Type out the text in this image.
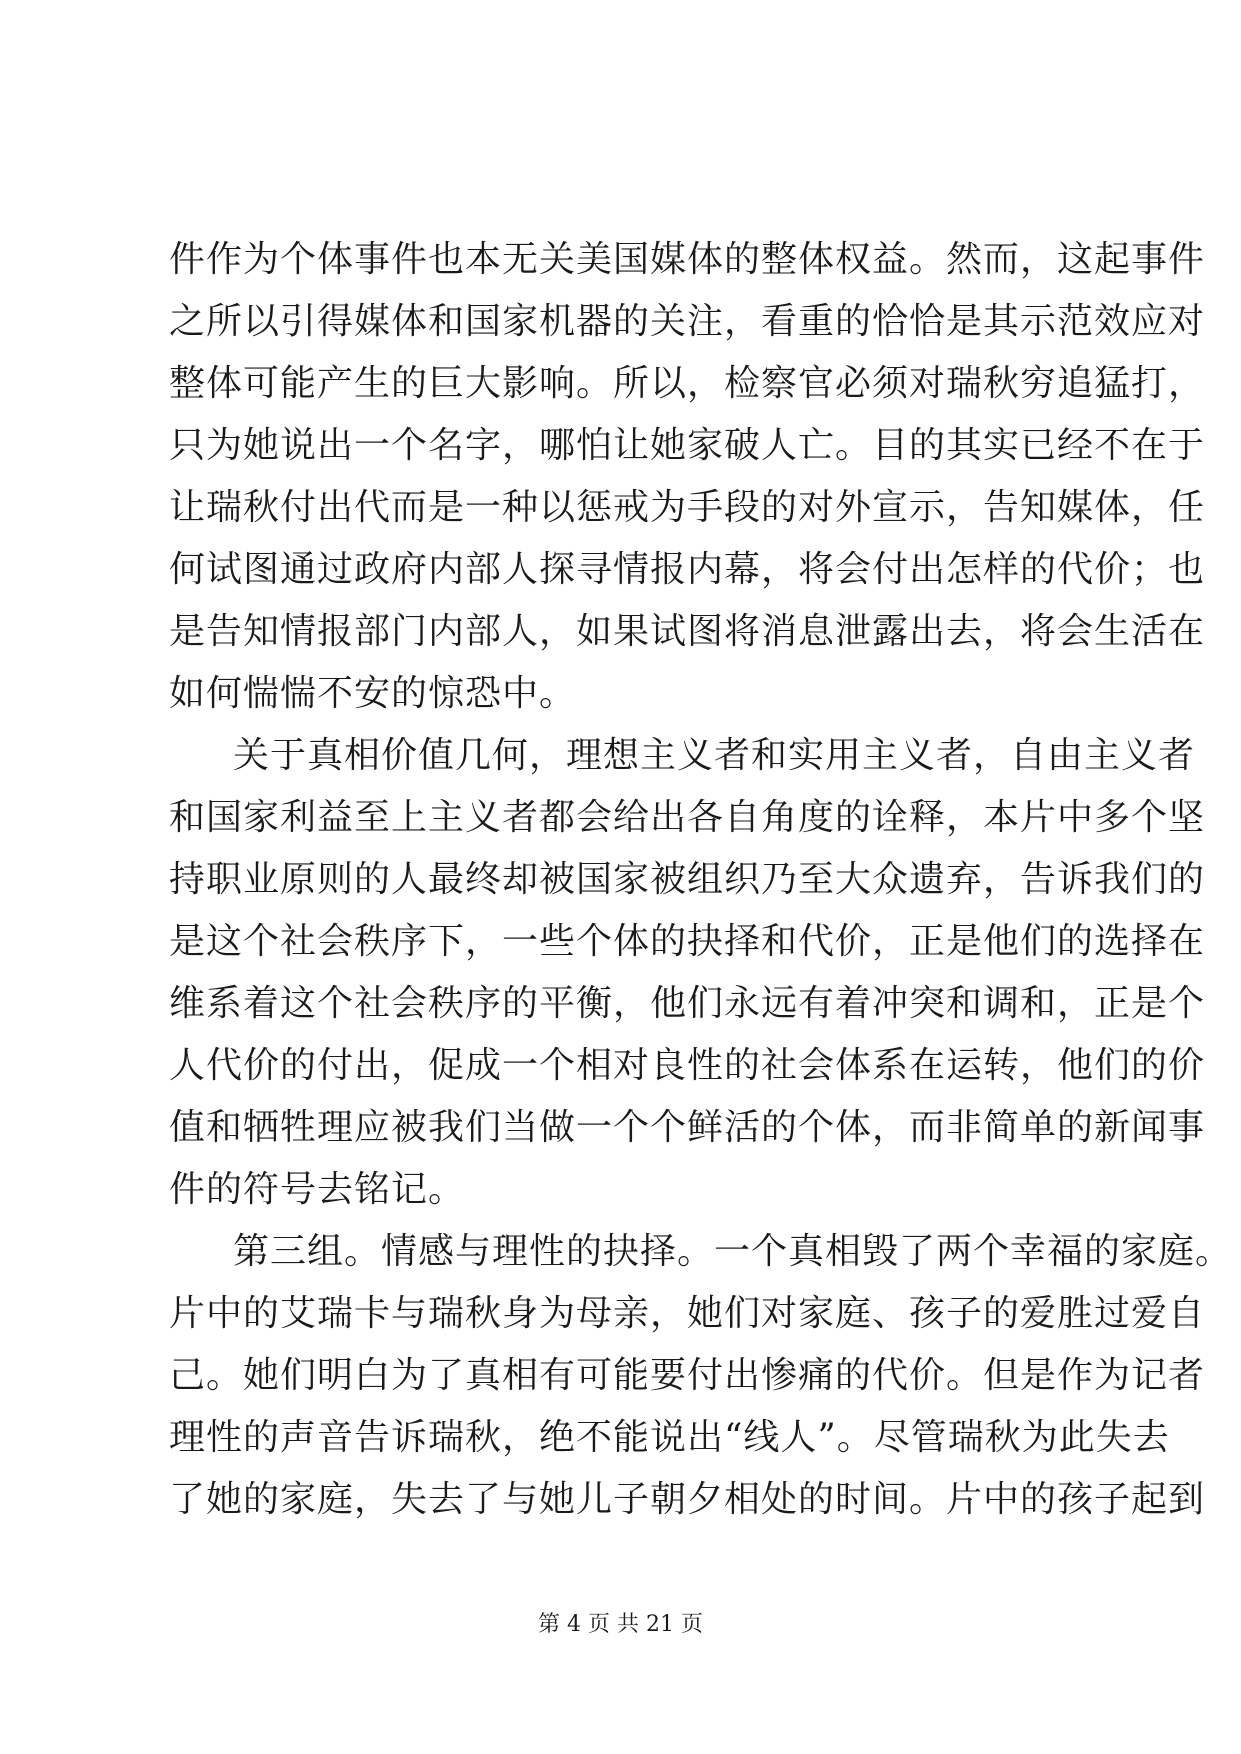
件作为个体事件也本无关美国媒体的整体权益。然而，这起事件
之所以引得媒体和国家机器的关注，看重的恰恰是其示范效应对
整体可能产生的巨大影响。所以，检察官必须对瑞秋穷追猛打，
只为她说出一个名字，哪怕让她家破人亡。目的其实已经不在于
让瑞秋付出代而是一种以惩戒为手段的对外宣示，告知媒体，任
何试图通过政府内部人探寻情报内幕，将会付出怎样的代价；也
是告知情报部门内部人，如果试图将消息泄露出去，将会生活在
如何惴惴不安的惊恐中。
关于真相价值几何，理想主义者和实用主义者，自由主义者
和国家利益至上主义者都会给出各自角度的诠释，本片中多个坚
持职业原则的人最终却被国家被组织乃至大众遗弃，告诉我们的
是这个社会秩序下，一些个体的抉择和代价，正是他们的选择在
维系着这个社会秩序的平衡，他们永远有着冲突和调和，正是个
人代价的付出，促成一个相对良性的社会体系在运转，他们的价
值和牺牲理应被我们当做一个个鲜活的个体，而非简单的新闻事
件的符号去铭记。
第三组。情感与理性的抉择。一个真相毁了两个幸福的家庭。
片中的艾瑞卡与瑞秋身为母亲，她们对家庭、孩子的爱胜过爱自
己。她们明白为了真相有可能要付出惨痛的代价。但是作为记者
理性的声音告诉瑞秋，绝不能说出“线人”。尽管瑞秋为此失去
了她的家庭，失去了与她儿子朝夕相处的时间。片中的孩子起到
第 4 页 共 21 页
